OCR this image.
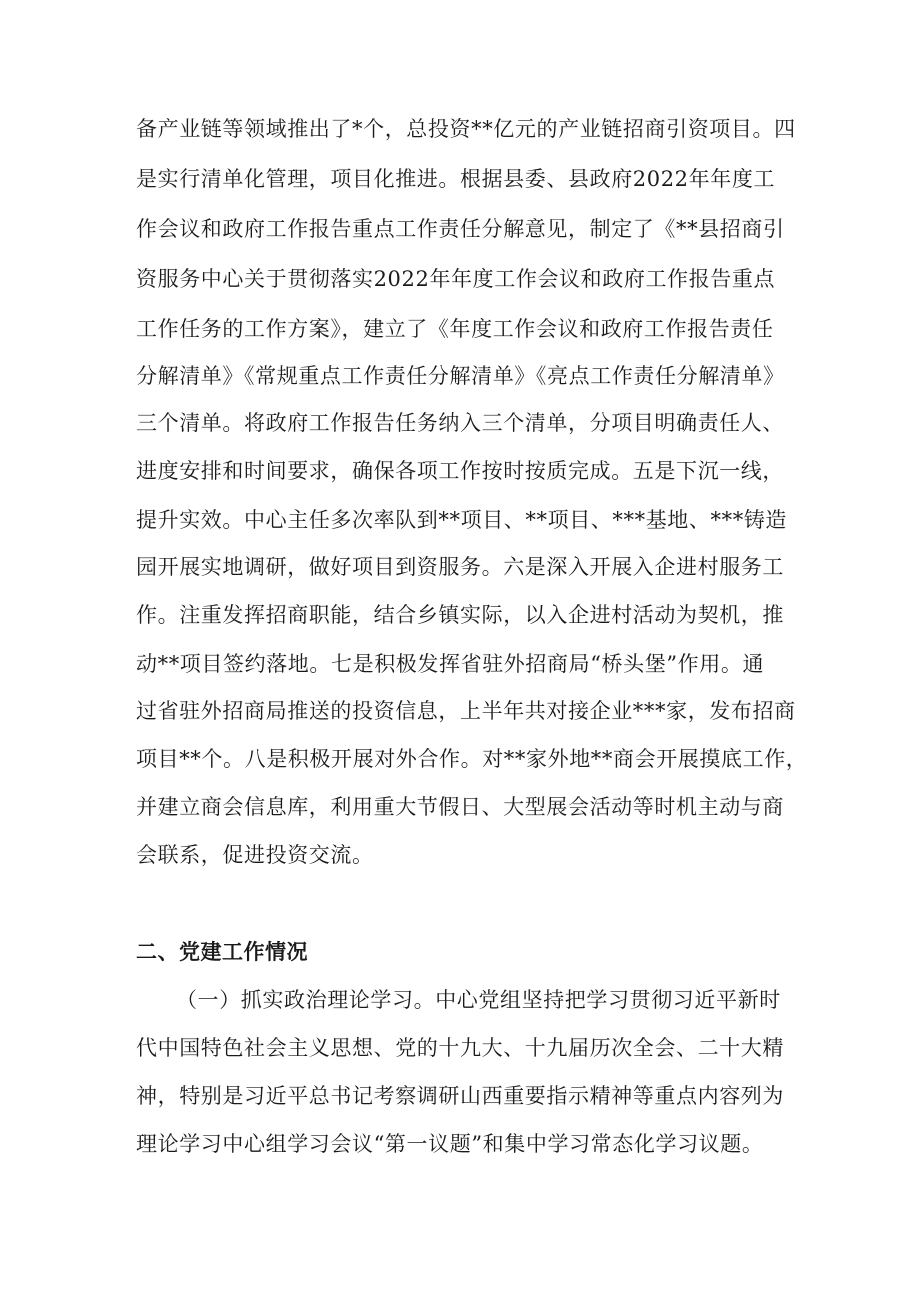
备产业链等领域推出了*个，总投资**亿元的产业链招商引资项目。四
是实行清单化管理，项目化推进。根据县委、县政府2022年年度工
作会议和政府工作报告重点工作责任分解意见，制定了《**县招商引
资服务中心关于贯彻落实2022年年度工作会议和政府工作报告重点
工作任务的工作方案》，建立了《年度工作会议和政府工作报告责任
分解清单》《常规重点工作责任分解清单》《亮点工作责任分解清单》
三个清单。将政府工作报告任务纳入三个清单，分项目明确责任人、
进度安排和时间要求，确保各项工作按时按质完成。五是下沉一线，
提升实效。中心主任多次率队到**项目、**项目、***基地、***铸造
园开展实地调研，做好项目到资服务。六是深入开展入企进村服务工
作。注重发挥招商职能，结合乡镇实际，以入企进村活动为契机，推
动**项目签约落地。七是积极发挥省驻外招商局“桥头堡”作用。通
过省驻外招商局推送的投资信息，上半年共对接企业***家，发布招商
项目**个。八是积极开展对外合作。对**家外地**商会开展摸底工作，
并建立商会信息库，利用重大节假日、大型展会活动等时机主动与商
会联系，促进投资交流。
二、党建工作情况
（一）抓实政治理论学习。中心党组坚持把学习贯彻习近平新时
代中国特色社会主义思想、党的十九大、十九届历次全会、二十大精
神，特别是习近平总书记考察调研山西重要指示精神等重点内容列为
理论学习中心组学习会议“第一议题”和集中学习常态化学习议题。
